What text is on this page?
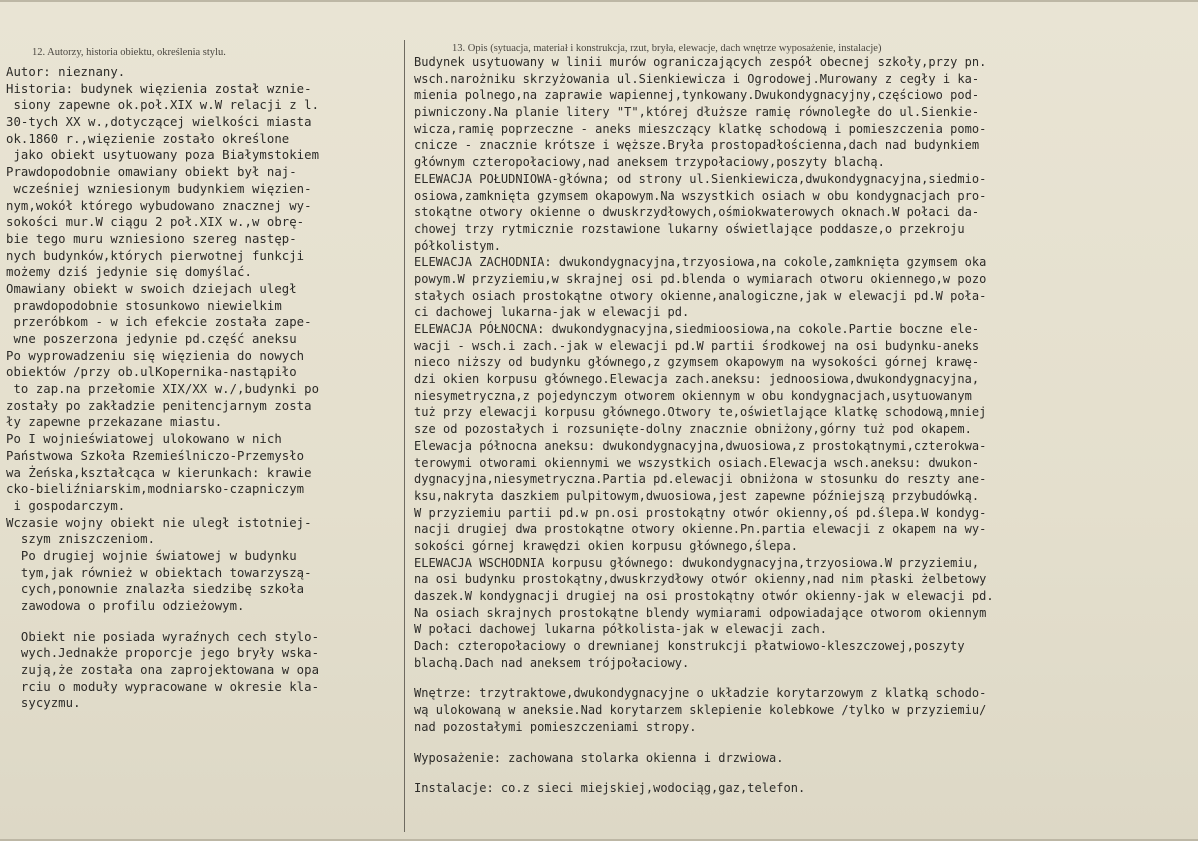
12. Autorzy, historia obiektu, określenia stylu.	13. Opis (sytuacja, materiał i konstrukcja, rzut, bryła, elewacje, dach wnętrze wyposażenie, instalacje)
Autor: nieznany.
Historia: budynek więzienia został wznie-
siony zapewne ok.poł.XIX w.W relacji z l.
30-tych XX w.,dotyczącej wielkości miasta
ok.1860 r.,więzienie zostało określone
jako obiekt usytuowany poza Białymstokiem
Prawdopodobnie omawiany obiekt był naj-
wcześniej wzniesionym budynkiem więzien-
nym,wokół którego wybudowano znacznej wy-
sokości mur.W ciągu 2 poł.XIX w.,w obrę-
bie tego muru wzniesiono szereg następ-
nych budynków,których pierwotnej funkcji
możemy dziś jedynie się domyślać.
Omawiany obiekt w swoich dziejach uległ
prawdopodobnie stosunkowo niewielkim
przeróbkom - w ich efekcie została zape-
wne poszerzona jedynie pd.część aneksu
Po wyprowadzeniu się więzienia do nowych
obiektów /przy ob.ulKopernika-nastąpiło
to zap.na przełomie XIX/XX w./,budynki po
zostały po zakładzie penitencjarnym zosta
ły zapewne przekazane miastu.
Po I wojnieświatowej ulokowano w nich
Państwowa Szkoła Rzemieślniczo-Przemysło
wa Żeńska,kształcąca w kierunkach: krawie
cko-bieliźniarskim,modniarsko-czapniczym
i gospodarczym.
Wczasie wojny obiekt nie uległ istotniej-
szym zniszczeniom.
Po drugiej wojnie światowej w budynku
tym,jak również w obiektach towarzyszą-
cych,ponownie znalazła siedzibę szkoła
zawodowa o profilu odzieżowym.
Obiekt nie posiada wyraźnych cech stylo-
wych.Jednakże proporcje jego bryły wska-
zują,że została ona zaprojektowana w opa
rciu o modułу wypracowane w okresie kla-
sycyzmu.
Budynek usytuowany w linii murów ograniczających zespół obecnej szkoły,przy pn.
wsch.narożniku skrzyżowania ul.Sienkiewicza i Ogrodowej.Murowany z cegły i ka-
mienia polnego,na zaprawie wapiennej,tynkowany.Dwukondygnacyjny,częściowo pod-
piwniczony.Na planie litery "T",której dłuższe ramię równoległe do ul.Sienkie-
wicza,ramię poprzeczne - aneks mieszczący klatkę schodową i pomieszczenia pomo-
cnicze - znacznie krótsze i węższe.Bryła prostopadłościenna,dach nad budynkiem
głównym czteropołaciowy,nad aneksem trzypołaciowy,poszyty blachą.
ELEWACJA POŁUDNIOWA-główna; od strony ul.Sienkiewicza,dwukondygnacyjna,siedmio-
osiowa,zamknięta gzymsem okapowym.Na wszystkich osiach w obu kondygnacjach pro-
stokątne otwory okienne o dwuskrzydłowych,ośmiokwaterowych oknach.W połaci da-
chowej trzy rytmicznie rozstawione lukarny oświetlające poddasze,o przekroju
półkolistym.
ELEWACJA ZACHODNIA: dwukondygnacyjna,trzyosiowa,na cokole,zamknięta gzymsem oka
powym.W przyziemiu,w skrajnej osi pd.blenda o wymiarach otworu okiennego,w pozo
stałych osiach prostokątne otwory okienne,analogiczne,jak w elewacji pd.W poła-
ci dachowej lukarna-jak w elewacji pd.
ELEWACJA PÓŁNOCNA: dwukondygnacyjna,siedmioosiowa,na cokole.Partie boczne ele-
wacji - wsch.i zach.-jak w elewacji pd.W partii środkowej na osi budynku-aneks
nieco niższy od budynku głównego,z gzymsem okapowym na wysokości górnej krawę-
dzi okien korpusu głównego.Elewacja zach.aneksu: jednoosiowa,dwukondygnacyjna,
niesymetryczna,z pojedynczym otworem okiennym w obu kondygnacjach,usytuowanym
tuż przy elewacji korpusu głównego.Otwory te,oświetlające klatkę schodową,mniej
sze od pozostałych i rozsunięte-dolny znacznie obniżony,górny tuż pod okapem.
Elewacja północna aneksu: dwukondygnacyjna,dwuosiowa,z prostokątnymi,czterokwa-
terowymi otworami okiennymi we wszystkich osiach.Elewacja wsch.aneksu: dwukon-
dygnacyjna,niesymetryczna.Partia pd.elewacji obniżona w stosunku do reszty ane-
ksu,nakryta daszkiem pulpitowym,dwuosiowa,jest zapewne późniejszą przybudówką.
W przyziemiu partii pd.w pn.osi prostokątny otwór okienny,oś pd.ślepa.W kondyg-
nacji drugiej dwa prostokątne otwory okienne.Pn.partia elewacji z okapem na wy-
sokości górnej krawędzi okien korpusu głównego,ślepa.
ELEWACJA WSCHODNIA korpusu głównego: dwukondygnacyjna,trzyosiowa.W przyziemiu,
na osi budynku prostokątny,dwuskrzydłowy otwór okienny,nad nim płaski żelbetowy
daszek.W kondygnacji drugiej na osi prostokątny otwór okienny-jak w elewacji pd.
Na osiach skrajnych prostokątne blendy wymiarami odpowiadające otworom okiennym
W połaci dachowej lukarna półkolista-jak w elewacji zach.
Dach: czteropołaciowy o drewnianej konstrukcji płatwiowo-kleszczowej,poszyty
blachą.Dach nad aneksem trójpołaciowy.
Wnętrze: trzytraktowe,dwukondygnacyjne o układzie korytarzowym z klatką schodo-
wą ulokowaną w aneksie.Nad korytarzem sklepienie kolebkowe /tylko w przyziemiu/
nad pozostałymi pomieszczeniami stropy.
Wyposażenie: zachowana stolarka okienna i drzwiowa.
Instalacje: co.z sieci miejskiej,wodociąg,gaz,telefon.
